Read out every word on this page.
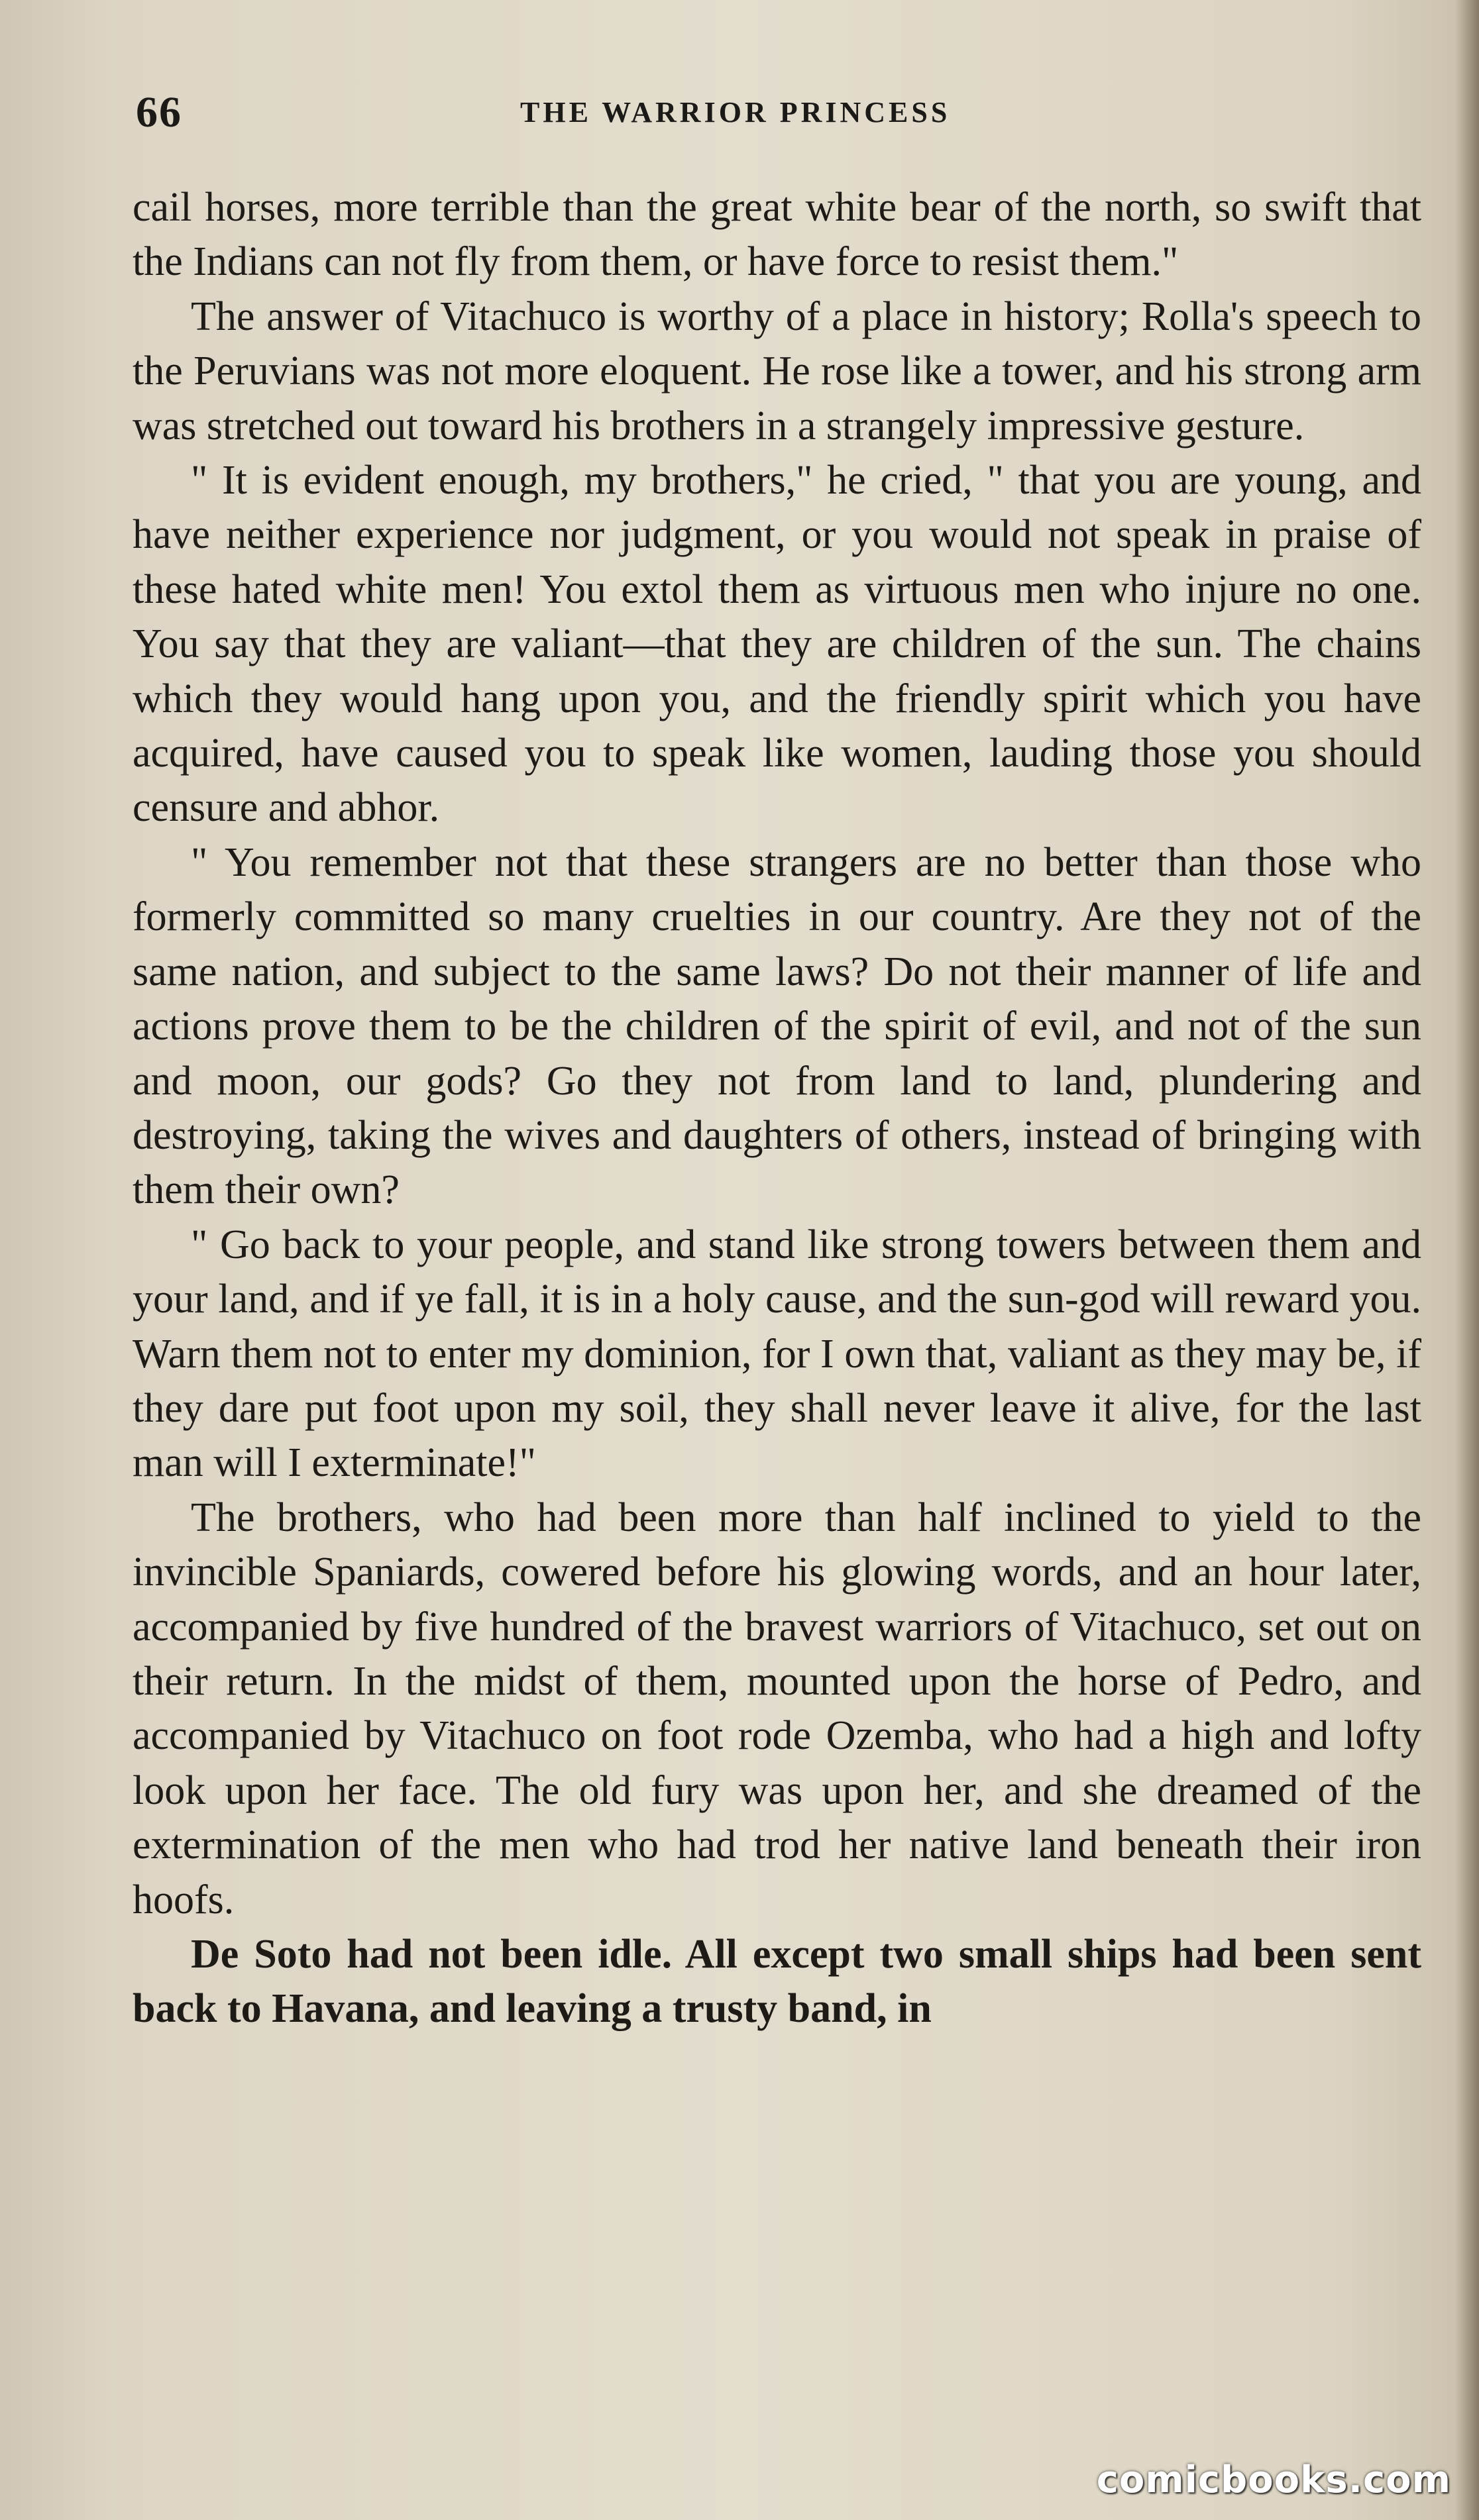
66	THE WARRIOR PRINCESS

cail horses, more terrible than the great white bear of the north, so swift that the Indians can not fly from them, or have force to resist them."

The answer of Vitachuco is worthy of a place in history; Rolla's speech to the Peruvians was not more eloquent. He rose like a tower, and his strong arm was stretched out toward his brothers in a strangely impressive gesture.

" It is evident enough, my brothers," he cried, " that you are young, and have neither experience nor judgment, or you would not speak in praise of these hated white men! You extol them as virtuous men who injure no one. You say that they are valiant—that they are children of the sun. The chains which they would hang upon you, and the friendly spirit which you have acquired, have caused you to speak like women, lauding those you should censure and abhor.

" You remember not that these strangers are no better than those who formerly committed so many cruelties in our country. Are they not of the same nation, and subject to the same laws? Do not their manner of life and actions prove them to be the children of the spirit of evil, and not of the sun and moon, our gods? Go they not from land to land, plundering and destroying, taking the wives and daughters of others, instead of bringing with them their own?

" Go back to your people, and stand like strong towers between them and your land, and if ye fall, it is in a holy cause, and the sun-god will reward you. Warn them not to enter my dominion, for I own that, valiant as they may be, if they dare put foot upon my soil, they shall never leave it alive, for the last man will I exterminate!"

The brothers, who had been more than half inclined to yield to the invincible Spaniards, cowered before his glowing words, and an hour later, accompanied by five hundred of the bravest warriors of Vitachuco, set out on their return. In the midst of them, mounted upon the horse of Pedro, and accompanied by Vitachuco on foot rode Ozemba, who had a high and lofty look upon her face. The old fury was upon her, and she dreamed of the extermination of the men who had trod her native land beneath their iron hoofs.

De Soto had not been idle. All except two small ships had been sent back to Havana, and leaving a trusty band, in

comicbooks.com
